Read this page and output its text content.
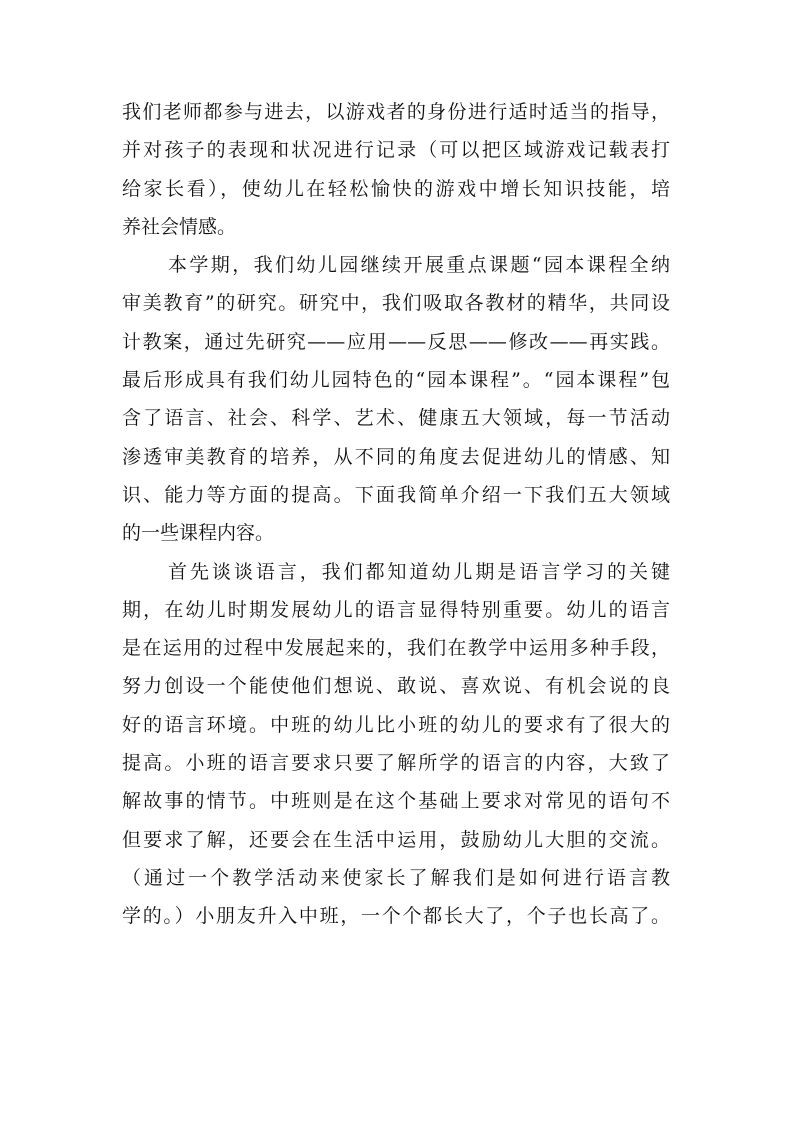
我们老师都参与进去，以游戏者的身份进行适时适当的指导，
并对孩子的表现和状况进行记录（可以把区域游戏记载表打
给家长看），使幼儿在轻松愉快的游戏中增长知识技能，培
养社会情感。
本学期，我们幼儿园继续开展重点课题“园本课程全纳
审美教育”的研究。研究中，我们吸取各教材的精华，共同设
计教案，通过先研究——应用——反思——修改——再实践。
最后形成具有我们幼儿园特色的“园本课程”。“园本课程”包
含了语言、社会、科学、艺术、健康五大领域，每一节活动
渗透审美教育的培养，从不同的角度去促进幼儿的情感、知
识、能力等方面的提高。下面我简单介绍一下我们五大领域
的一些课程内容。
首先谈谈语言，我们都知道幼儿期是语言学习的关键
期，在幼儿时期发展幼儿的语言显得特别重要。幼儿的语言
是在运用的过程中发展起来的，我们在教学中运用多种手段，
努力创设一个能使他们想说、敢说、喜欢说、有机会说的良
好的语言环境。中班的幼儿比小班的幼儿的要求有了很大的
提高。小班的语言要求只要了解所学的语言的内容，大致了
解故事的情节。中班则是在这个基础上要求对常见的语句不
但要求了解，还要会在生活中运用，鼓励幼儿大胆的交流。
（通过一个教学活动来使家长了解我们是如何进行语言教
学的。）小朋友升入中班，一个个都长大了，个子也长高了。
